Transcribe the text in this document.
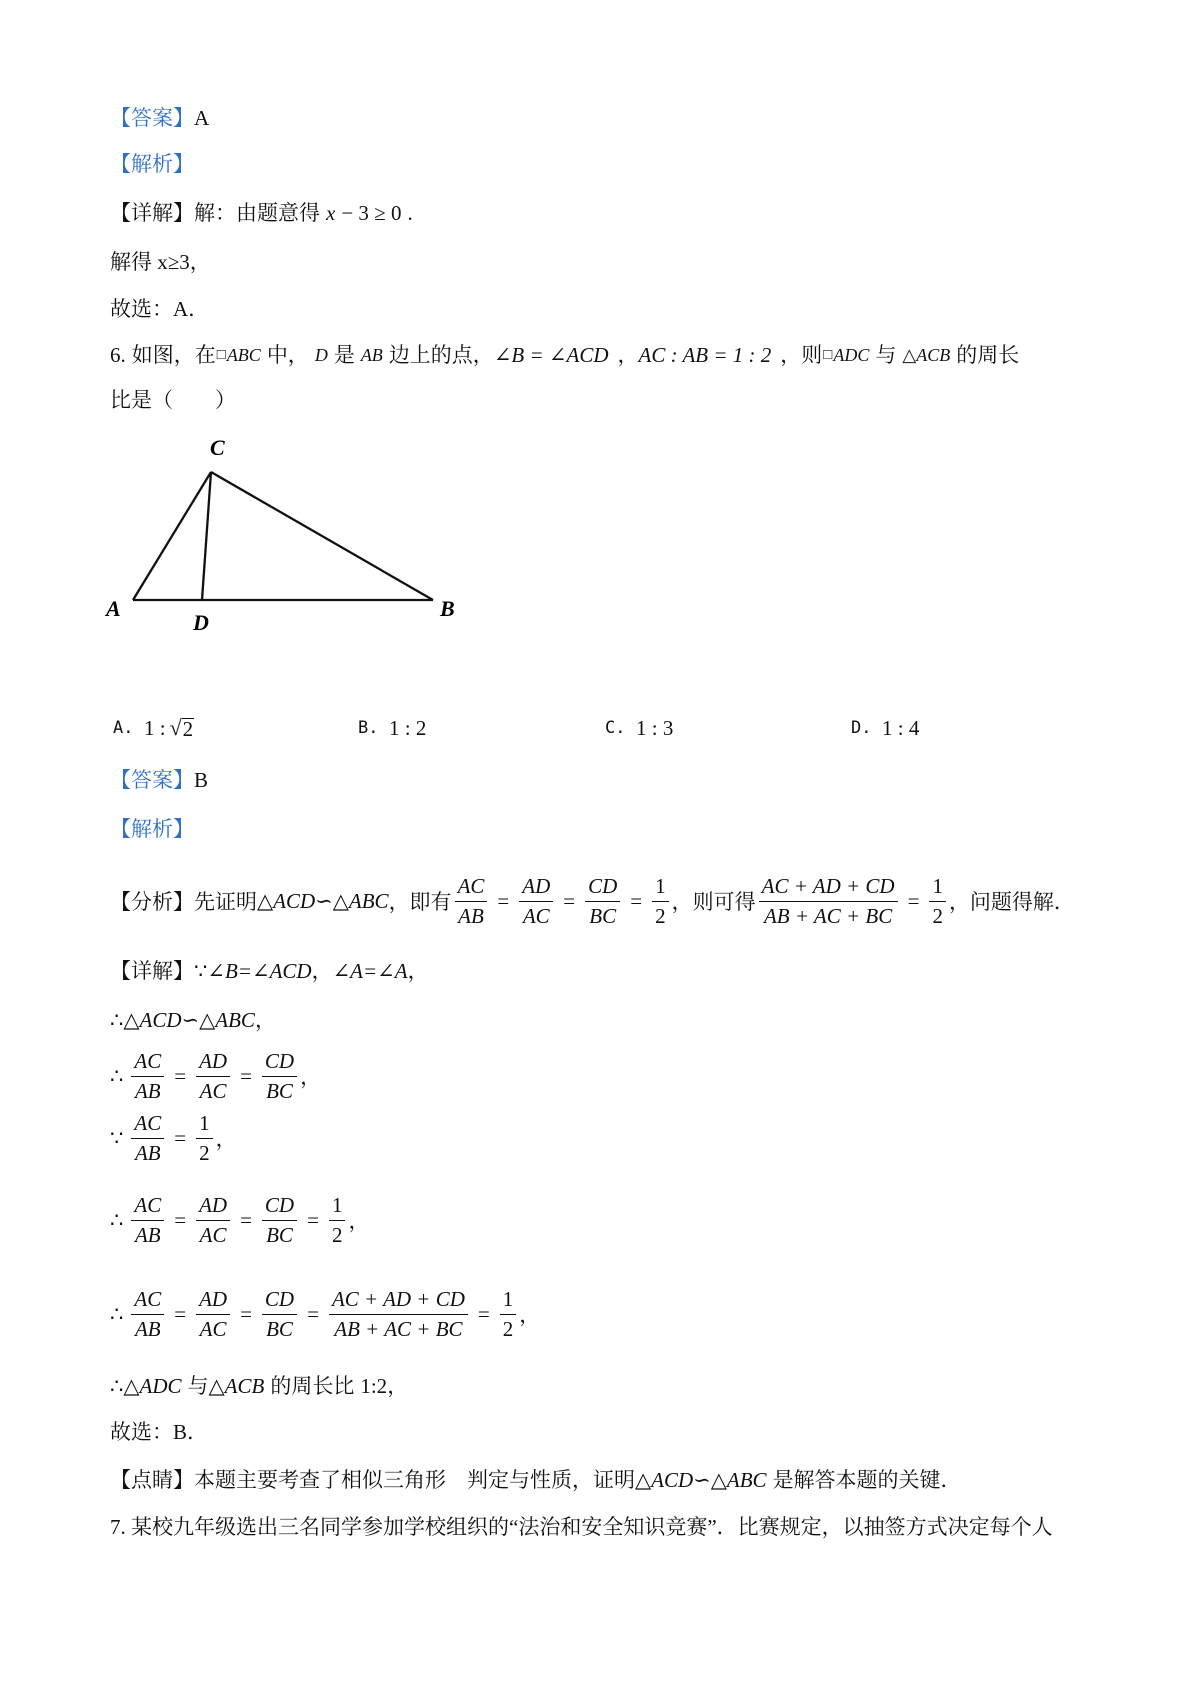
【答案】 A
【解析】
【详解】 解：由题意得 x − 3 ≥ 0 .
解得 x≥3，
故选：A．
6. 如图，在 □ ABC 中， D 是 AB 边上的点， ∠B = ∠ACD ， AC : AB = 1 : 2 ，则 □ ADC 与 △ACB 的周长
比是（　　）
C
A
D
B
A. 1 : √ 2	B. 1 : 2	C. 1 : 3	D. 1 : 4
【答案】 B
【解析】
【分析】 先证明 △ACD∽△ABC ，即有 $\frac{AC}{AB} = \frac{AD}{AC} = \frac{CD}{BC} = \frac{1}{2}$ ，则可得 $\frac{AC + AD + CD}{AB + AC + BC} = \frac{1}{2}$ ，问题得解．
【详解】 ∵ ∠B=∠ACD ， ∠A=∠A ，
∴ △ACD∽△ABC ，
∴ $\frac{AC}{AB} = \frac{AD}{AC} = \frac{CD}{BC}$ ，
∵ $\frac{AC}{AB} = \frac{1}{2}$ ，
∴ $\frac{AC}{AB} = \frac{AD}{AC} = \frac{CD}{BC} = \frac{1}{2}$ ，
∴ $\frac{AC}{AB} = \frac{AD}{AC} = \frac{CD}{BC} = \frac{AC + AD + CD}{AB + AC + BC} = \frac{1}{2}$ ，
∴ △ADC 与 △ACB 的周长比 1:2 ，
故选：B．
【点睛】 本题主要考查了相似三角形　判定与性质，证明 △ACD∽△ABC 是解答本题的关键．
7. 某校九年级选出三名同学参加学校组织的“法治和安全知识竞赛”．比赛规定，以抽签方式决定每个人
